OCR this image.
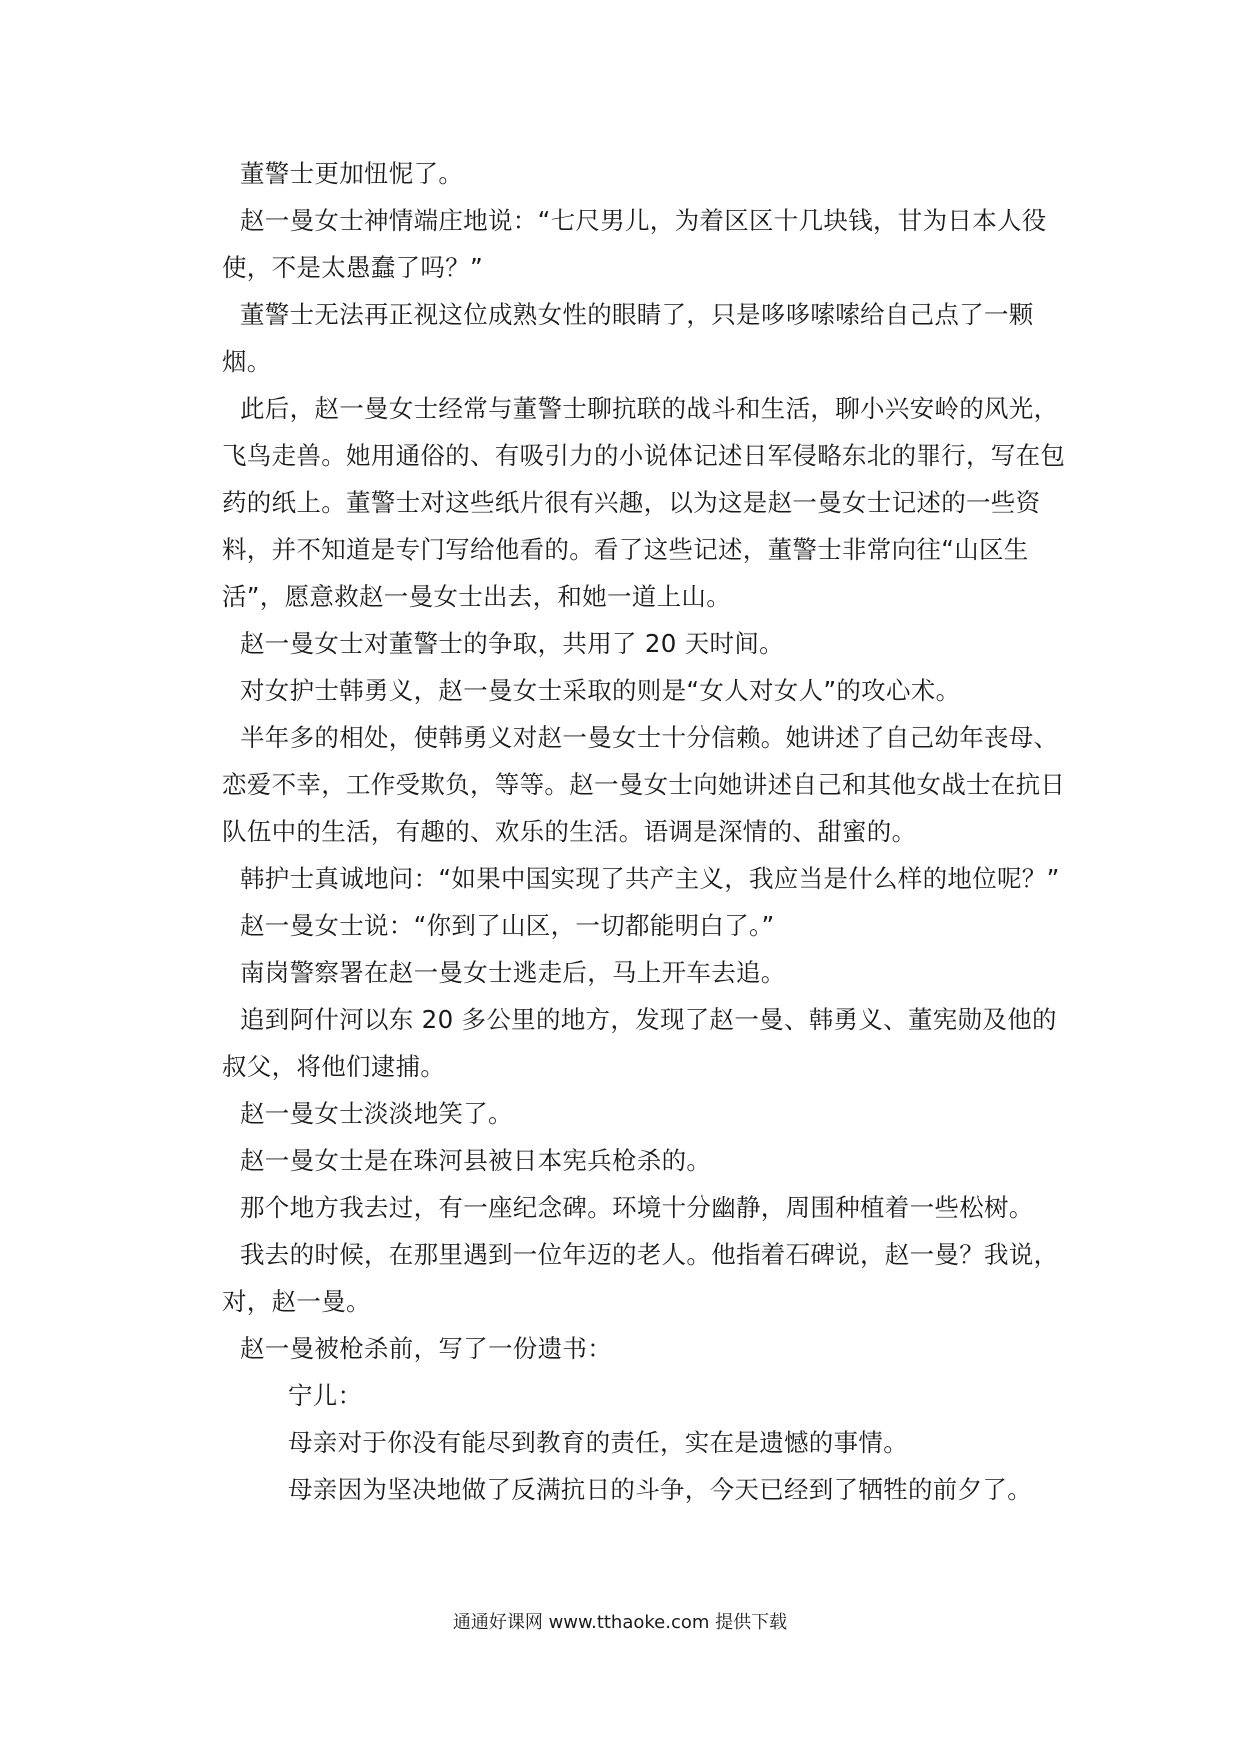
董警士更加忸怩了。

赵一曼女士神情端庄地说：“七尺男儿，为着区区十几块钱，甘为日本人役使，不是太愚蠢了吗？”

董警士无法再正视这位成熟女性的眼睛了，只是哆哆嗦嗦给自己点了一颗烟。

此后，赵一曼女士经常与董警士聊抗联的战斗和生活，聊小兴安岭的风光，飞鸟走兽。她用通俗的、有吸引力的小说体记述日军侵略东北的罪行，写在包药的纸上。董警士对这些纸片很有兴趣，以为这是赵一曼女士记述的一些资料，并不知道是专门写给他看的。看了这些记述，董警士非常向往“山区生活”，愿意救赵一曼女士出去，和她一道上山。

赵一曼女士对董警士的争取，共用了 20 天时间。

对女护士韩勇义，赵一曼女士采取的则是“女人对女人”的攻心术。

半年多的相处，使韩勇义对赵一曼女士十分信赖。她讲述了自己幼年丧母、恋爱不幸，工作受欺负，等等。赵一曼女士向她讲述自己和其他女战士在抗日队伍中的生活，有趣的、欢乐的生活。语调是深情的、甜蜜的。

韩护士真诚地问：“如果中国实现了共产主义，我应当是什么样的地位呢？”

赵一曼女士说：“你到了山区，一切都能明白了。”

南岗警察署在赵一曼女士逃走后，马上开车去追。

追到阿什河以东 20 多公里的地方，发现了赵一曼、韩勇义、董宪勋及他的叔父，将他们逮捕。

赵一曼女士淡淡地笑了。

赵一曼女士是在珠河县被日本宪兵枪杀的。

那个地方我去过，有一座纪念碑。环境十分幽静，周围种植着一些松树。

我去的时候，在那里遇到一位年迈的老人。他指着石碑说，赵一曼？我说，对，赵一曼。

赵一曼被枪杀前，写了一份遗书：

宁儿：

母亲对于你没有能尽到教育的责任，实在是遗憾的事情。

母亲因为坚决地做了反满抗日的斗争，今天已经到了牺牲的前夕了。

通通好课网 www.tthaoke.com 提供下载
